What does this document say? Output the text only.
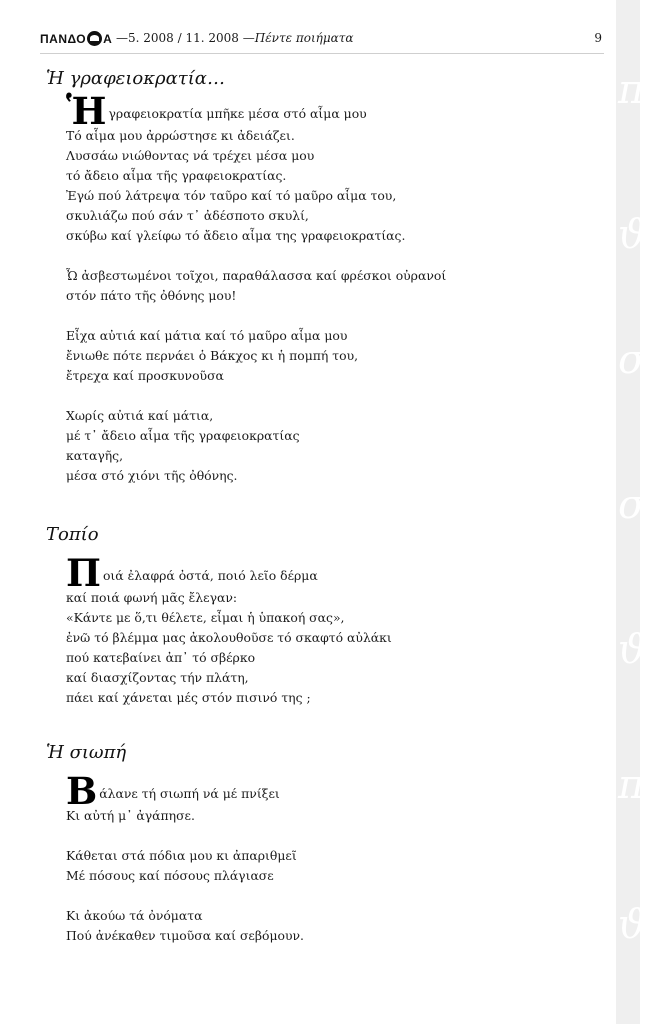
ΠΑΝΔΟ Α —5. 2008 / 11. 2008 —Πέντε ποιήματα	9
Ἡ γραφειοκρατία…
Ἡ γραφειοκρατία μπῆκε μέσα στό αἷμα μου
Τό αἷμα μου ἀρρώστησε κι ἀδειάζει.
Λυσσάω νιώθοντας νά τρέχει μέσα μου
τό ἄδειο αἷμα τῆς γραφειοκρατίας.
Ἐγώ πού λάτρεψα τόν ταῦρο καί τό μαῦρο αἷμα του,
σκυλιάζω πού σάν τ᾽ ἀδέσποτο σκυλί,
σκύβω καί γλείφω τό ἄδειο αἷμα της γραφειοκρατίας.
Ὦ ἀσβεστωμένοι τοῖχοι, παραθάλασσα καί φρέσκοι οὐρανοί
στόν πάτο τῆς ὀθόνης μου!
Εἶχα αὐτιά καί μάτια καί τό μαῦρο αἷμα μου
ἔνιωθε πότε περνάει ὁ Βάκχος κι ἡ πομπή του,
ἔτρεχα καί προσκυνοῦσα
Χωρίς αὐτιά καί μάτια,
μέ τ᾽ ἄδειο αἷμα τῆς γραφειοκρατίας
καταγῆς,
μέσα στό χιόνι τῆς ὀθόνης.
Τοπίο
Π οιά ἐλαφρά ὀστά, ποιό λεῖο δέρμα
καί ποιά φωνή μᾶς ἔλεγαν:
«Κάντε με ὅ,τι θέλετε, εἶμαι ἡ ὑπακοή σας»,
ἐνῶ τό βλέμμα μας ἀκολουθοῦσε τό σκαφτό αὐλάκι
πού κατεβαίνει ἀπ᾽ τό σβέρκο
καί διασχίζοντας τήν πλάτη,
πάει καί χάνεται μές στόν πισινό της ;
Ἡ σιωπή
Β άλανε τή σιωπή νά μέ πνίξει
Κι αὐτή μ᾽ ἀγάπησε.
Κάθεται στά πόδια μου κι ἀπαριθμεῖ
Μέ πόσους καί πόσους πλάγιασε
Κι ἀκούω τά ὀνόματα
Πού ἀνέκαθεν τιμοῦσα καί σεβόμουν.
π
ϑ
σ
σ
ϑ
π
ϑ
